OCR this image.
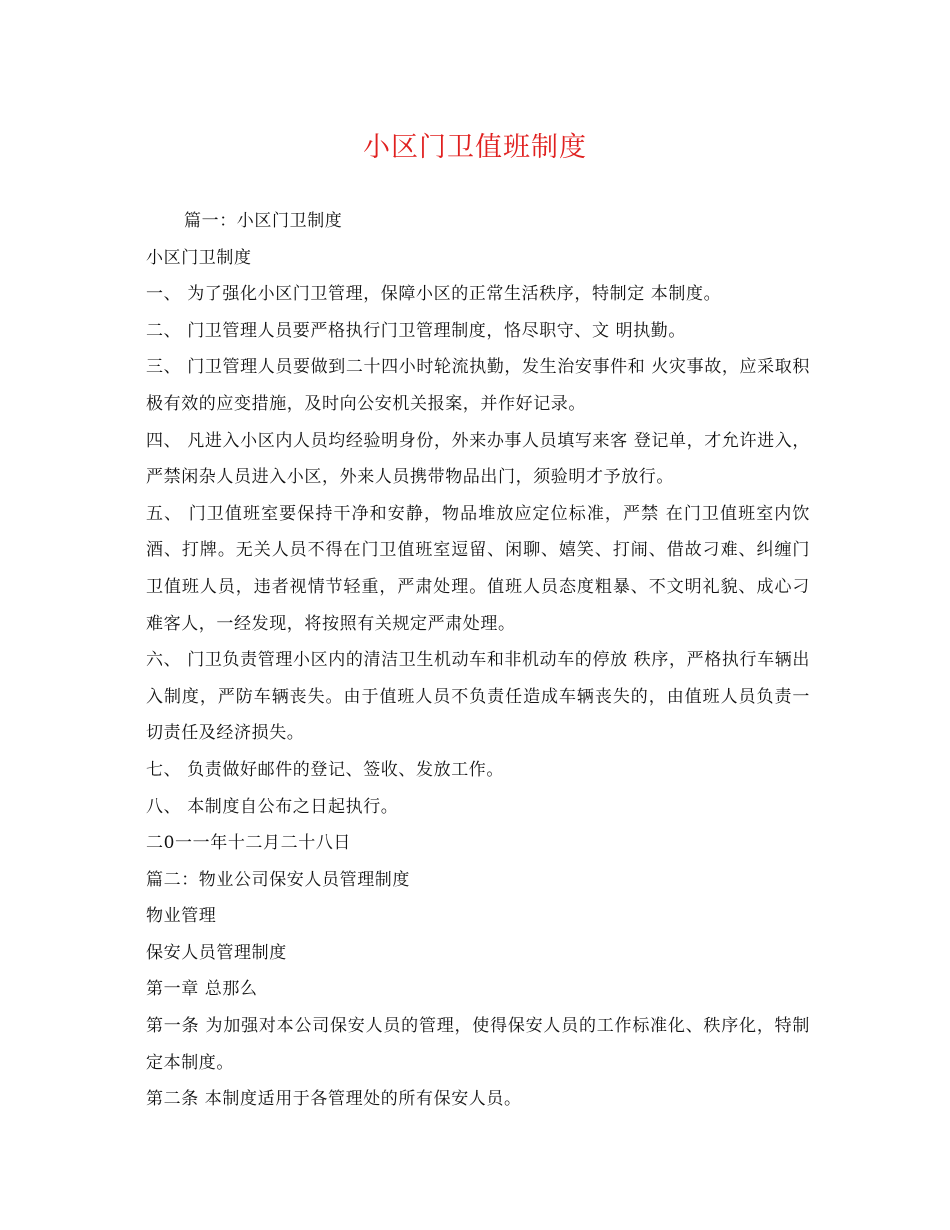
小区门卫值班制度

篇一：小区门卫制度

小区门卫制度

一、 为了强化小区门卫管理，保障小区的正常生活秩序，特制定 本制度。

二、 门卫管理人员要严格执行门卫管理制度，恪尽职守、文 明执勤。

三、 门卫管理人员要做到二十四小时轮流执勤，发生治安事件和 火灾事故，应采取积极有效的应变措施，及时向公安机关报案，并作好记录。

四、 凡进入小区内人员均经验明身份，外来办事人员填写来客 登记单，才允许进入，严禁闲杂人员进入小区，外来人员携带物品出门，须验明才予放行。

五、 门卫值班室要保持干净和安静，物品堆放应定位标准，严禁 在门卫值班室内饮酒、打牌。无关人员不得在门卫值班室逗留、闲聊、嬉笑、打闹、借故刁难、纠缠门卫值班人员，违者视情节轻重，严肃处理。值班人员态度粗暴、不文明礼貌、成心刁难客人，一经发现，将按照有关规定严肃处理。

六、 门卫负责管理小区内的清洁卫生机动车和非机动车的停放 秩序，严格执行车辆出入制度，严防车辆丧失。由于值班人员不负责任造成车辆丧失的，由值班人员负责一切责任及经济损失。

七、 负责做好邮件的登记、签收、发放工作。

八、 本制度自公布之日起执行。

二0一一年十二月二十八日

篇二：物业公司保安人员管理制度

物业管理

保安人员管理制度

第一章 总那么

第一条 为加强对本公司保安人员的管理，使得保安人员的工作标准化、秩序化，特制定本制度。

第二条 本制度适用于各管理处的所有保安人员。
